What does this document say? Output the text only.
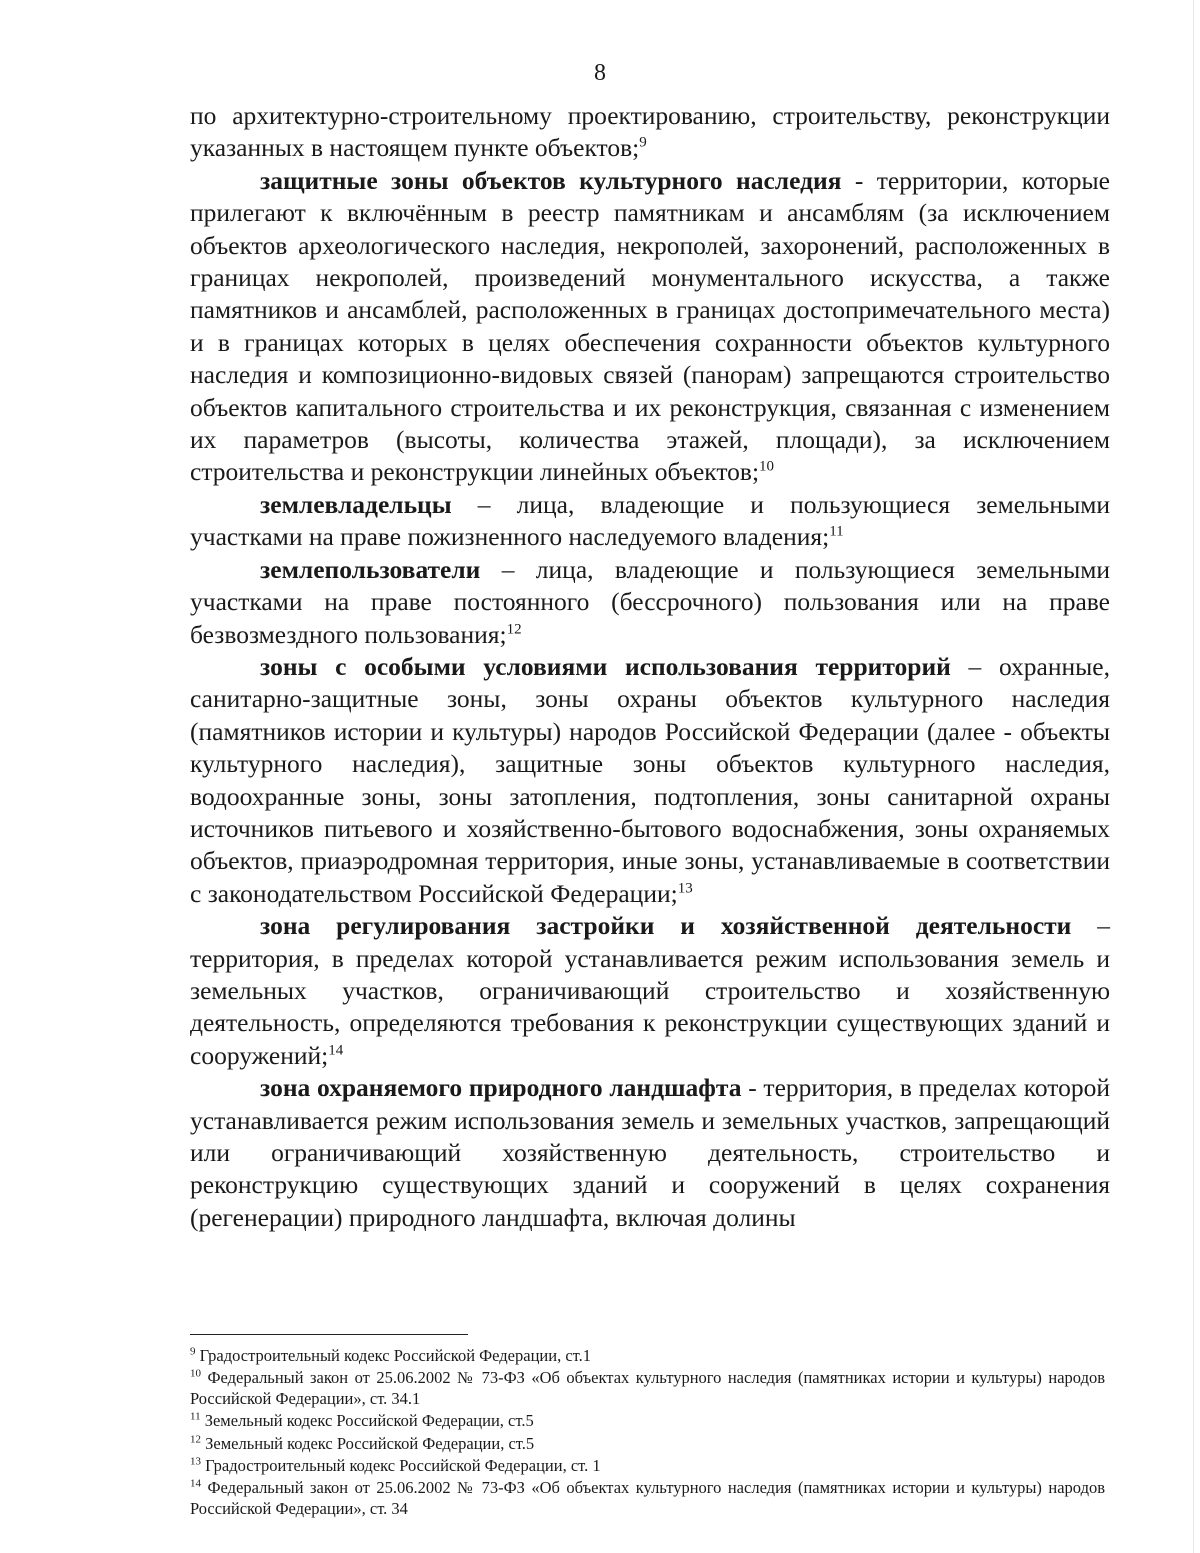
8

по архитектурно-строительному проектированию, строительству, реконструкции указанных в настоящем пункте объектов;$^9$

защитные зоны объектов культурного наследия - территории, которые прилегают к включённым в реестр памятникам и ансамблям (за исключением объектов археологического наследия, некрополей, захоронений, расположенных в границах некрополей, произведений монументального искусства, а также памятников и ансамблей, расположенных в границах достопримечательного места) и в границах которых в целях обеспечения сохранности объектов культурного наследия и композиционно-видовых связей (панорам) запрещаются строительство объектов капитального строительства и их реконструкция, связанная с изменением их параметров (высоты, количества этажей, площади), за исключением строительства и реконструкции линейных объектов;$^{10}$

землевладельцы – лица, владеющие и пользующиеся земельными участками на праве пожизненного наследуемого владения;$^{11}$

землепользователи – лица, владеющие и пользующиеся земельными участками на праве постоянного (бессрочного) пользования или на праве безвозмездного пользования;$^{12}$

зоны с особыми условиями использования территорий – охранные, санитарно-защитные зоны, зоны охраны объектов культурного наследия (памятников истории и культуры) народов Российской Федерации (далее - объекты культурного наследия), защитные зоны объектов культурного наследия, водоохранные зоны, зоны затопления, подтопления, зоны санитарной охраны источников питьевого и хозяйственно-бытового водоснабжения, зоны охраняемых объектов, приаэродромная территория, иные зоны, устанавливаемые в соответствии с законодательством Российской Федерации;$^{13}$

зона регулирования застройки и хозяйственной деятельности – территория, в пределах которой устанавливается режим использования земель и земельных участков, ограничивающий строительство и хозяйственную деятельность, определяются требования к реконструкции существующих зданий и сооружений;$^{14}$

зона охраняемого природного ландшафта - территория, в пределах которой устанавливается режим использования земель и земельных участков, запрещающий или ограничивающий хозяйственную деятельность, строительство и реконструкцию существующих зданий и сооружений в целях сохранения (регенерации) природного ландшафта, включая долины

$^9$ Градостроительный кодекс Российской Федерации, ст.1
$^{10}$ Федеральный закон от 25.06.2002 № 73-ФЗ «Об объектах культурного наследия (памятниках истории и культуры) народов Российской Федерации», ст. 34.1
$^{11}$ Земельный кодекс Российской Федерации, ст.5
$^{12}$ Земельный кодекс Российской Федерации, ст.5
$^{13}$ Градостроительный кодекс Российской Федерации, ст. 1
$^{14}$ Федеральный закон от 25.06.2002 № 73-ФЗ «Об объектах культурного наследия (памятниках истории и культуры) народов Российской Федерации», ст. 34
